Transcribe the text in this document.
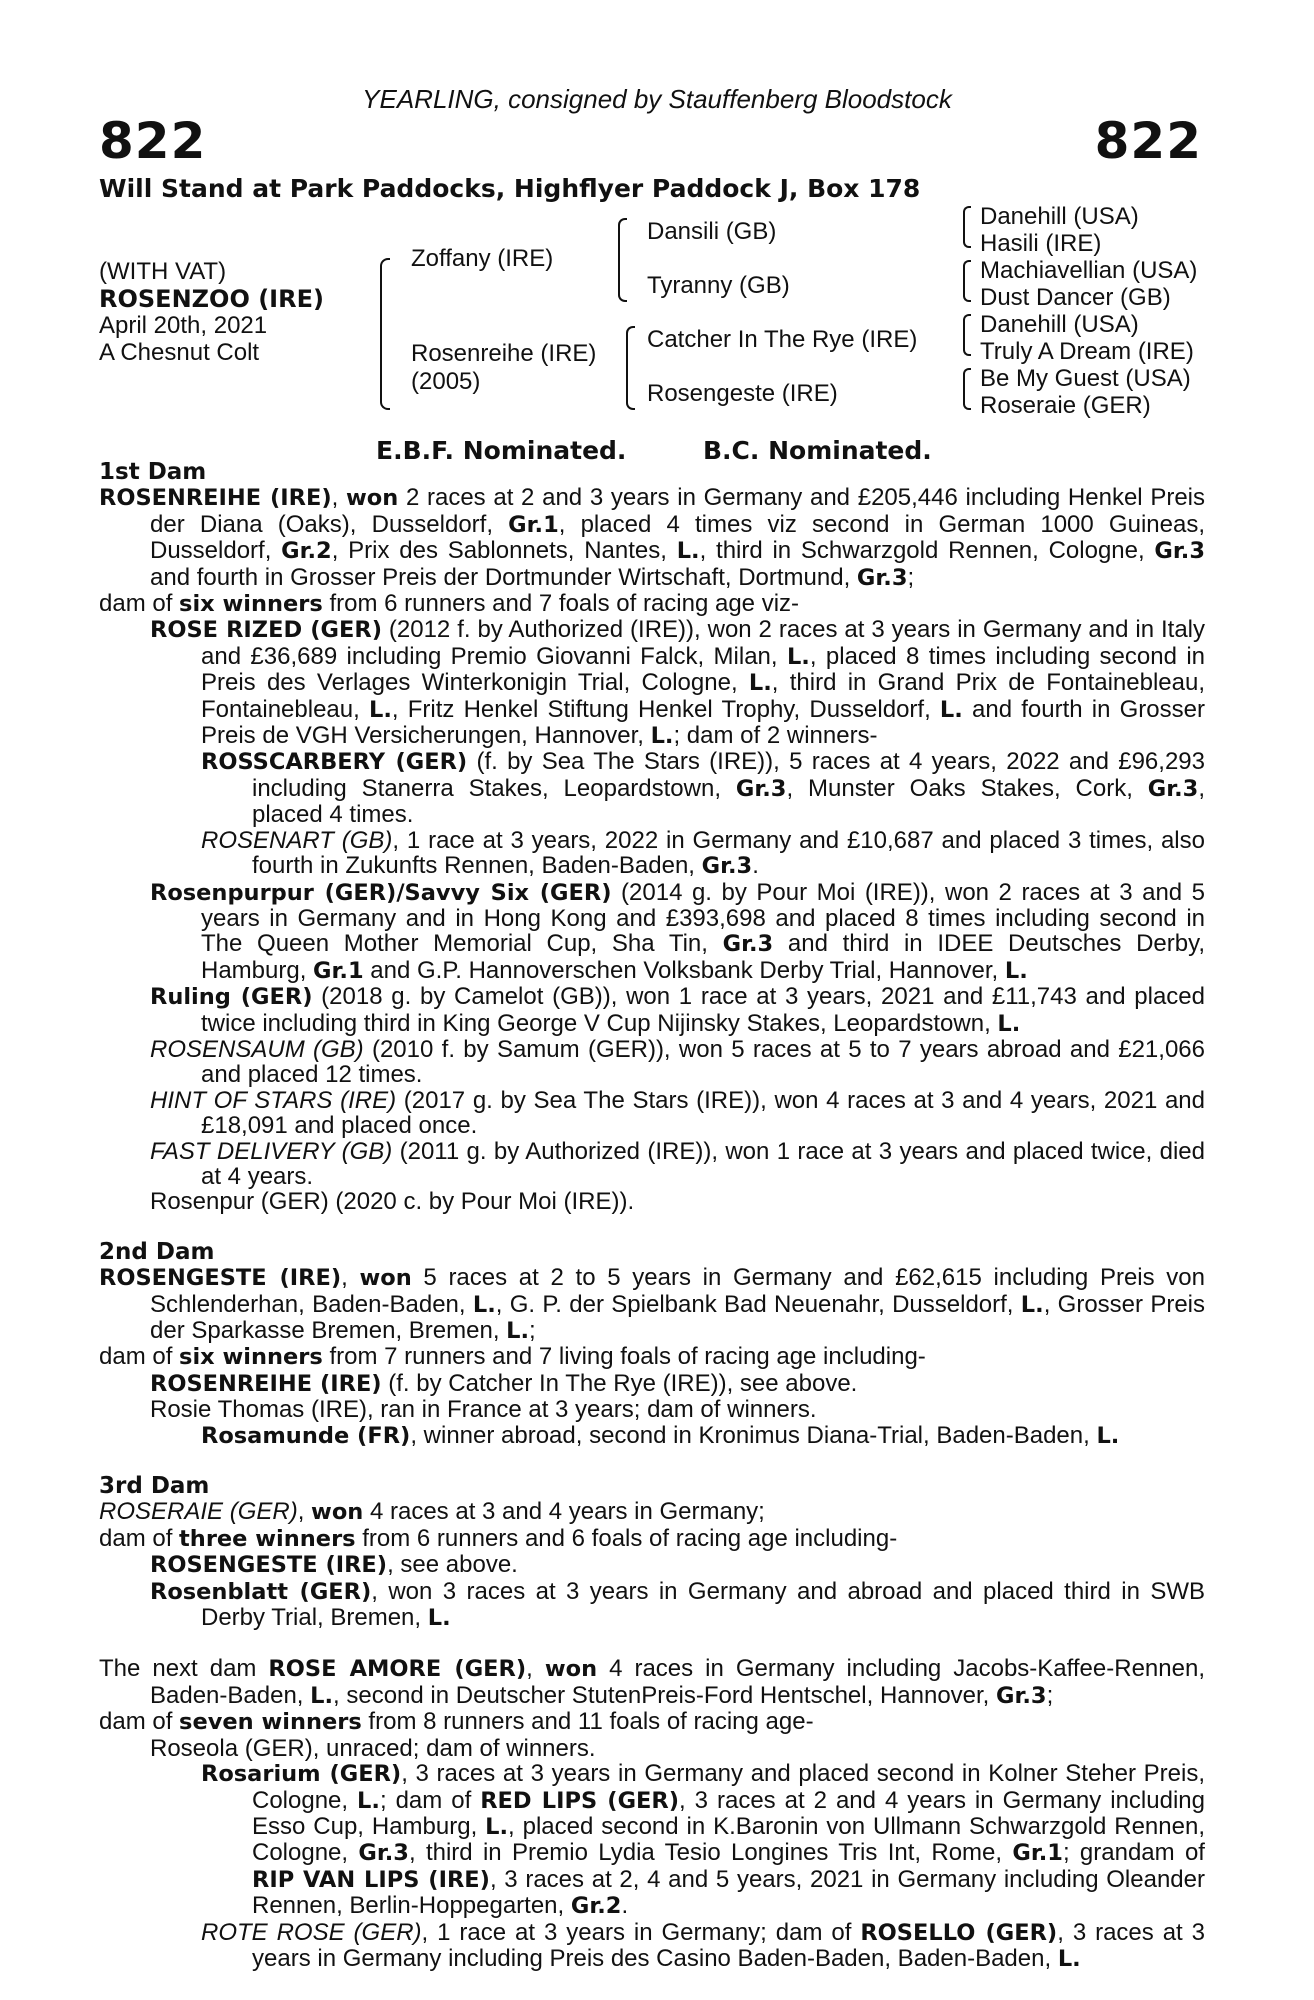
YEARLING, consigned by Stauffenberg Bloodstock
822	822
Will Stand at Park Paddocks, Highflyer Paddock J, Box 178
(WITH VAT)
ROSENZOO (IRE)
April 20th, 2021
A Chesnut Colt
Zoffany (IRE)
Rosenreihe (IRE)
(2005)
Dansili (GB)
Tyranny (GB)
Catcher In The Rye (IRE)
Rosengeste (IRE)
Danehill (USA)
Hasili (IRE)
Machiavellian (USA)
Dust Dancer (GB)
Danehill (USA)
Truly A Dream (IRE)
Be My Guest (USA)
Roseraie (GER)
E.B.F. Nominated.	B.C. Nominated.
1st Dam
ROSENREIHE (IRE), won 2 races at 2 and 3 years in Germany and £205,446 including Henkel Preis der Diana (Oaks), Dusseldorf, Gr.1, placed 4 times viz second in German 1000 Guineas, Dusseldorf, Gr.2, Prix des Sablonnets, Nantes, L., third in Schwarzgold Rennen, Cologne, Gr.3 and fourth in Grosser Preis der Dortmunder Wirtschaft, Dortmund, Gr.3;
dam of six winners from 6 runners and 7 foals of racing age viz-
ROSE RIZED (GER) (2012 f. by Authorized (IRE)), won 2 races at 3 years in Germany and in Italy and £36,689 including Premio Giovanni Falck, Milan, L., placed 8 times including second in Preis des Verlages Winterkonigin Trial, Cologne, L., third in Grand Prix de Fontainebleau, Fontainebleau, L., Fritz Henkel Stiftung Henkel Trophy, Dusseldorf, L. and fourth in Grosser Preis de VGH Versicherungen, Hannover, L.; dam of 2 winners-
ROSSCARBERY (GER) (f. by Sea The Stars (IRE)), 5 races at 4 years, 2022 and £96,293 including Stanerra Stakes, Leopardstown, Gr.3, Munster Oaks Stakes, Cork, Gr.3, placed 4 times.
ROSENART (GB), 1 race at 3 years, 2022 in Germany and £10,687 and placed 3 times, also fourth in Zukunfts Rennen, Baden-Baden, Gr.3.
Rosenpurpur (GER)/Savvy Six (GER) (2014 g. by Pour Moi (IRE)), won 2 races at 3 and 5 years in Germany and in Hong Kong and £393,698 and placed 8 times including second in The Queen Mother Memorial Cup, Sha Tin, Gr.3 and third in IDEE Deutsches Derby, Hamburg, Gr.1 and G.P. Hannoverschen Volksbank Derby Trial, Hannover, L.
Ruling (GER) (2018 g. by Camelot (GB)), won 1 race at 3 years, 2021 and £11,743 and placed twice including third in King George V Cup Nijinsky Stakes, Leopardstown, L.
ROSENSAUM (GB) (2010 f. by Samum (GER)), won 5 races at 5 to 7 years abroad and £21,066 and placed 12 times.
HINT OF STARS (IRE) (2017 g. by Sea The Stars (IRE)), won 4 races at 3 and 4 years, 2021 and £18,091 and placed once.
FAST DELIVERY (GB) (2011 g. by Authorized (IRE)), won 1 race at 3 years and placed twice, died at 4 years.
Rosenpur (GER) (2020 c. by Pour Moi (IRE)).
2nd Dam
ROSENGESTE (IRE), won 5 races at 2 to 5 years in Germany and £62,615 including Preis von Schlenderhan, Baden-Baden, L., G. P. der Spielbank Bad Neuenahr, Dusseldorf, L., Grosser Preis der Sparkasse Bremen, Bremen, L.;
dam of six winners from 7 runners and 7 living foals of racing age including-
ROSENREIHE (IRE) (f. by Catcher In The Rye (IRE)), see above.
Rosie Thomas (IRE), ran in France at 3 years; dam of winners.
Rosamunde (FR), winner abroad, second in Kronimus Diana-Trial, Baden-Baden, L.
3rd Dam
ROSERAIE (GER), won 4 races at 3 and 4 years in Germany;
dam of three winners from 6 runners and 6 foals of racing age including-
ROSENGESTE (IRE), see above.
Rosenblatt (GER), won 3 races at 3 years in Germany and abroad and placed third in SWB Derby Trial, Bremen, L.
The next dam ROSE AMORE (GER), won 4 races in Germany including Jacobs-Kaffee-Rennen, Baden-Baden, L., second in Deutscher StutenPreis-Ford Hentschel, Hannover, Gr.3;
dam of seven winners from 8 runners and 11 foals of racing age-
Roseola (GER), unraced; dam of winners.
Rosarium (GER), 3 races at 3 years in Germany and placed second in Kolner Steher Preis, Cologne, L.; dam of RED LIPS (GER), 3 races at 2 and 4 years in Germany including Esso Cup, Hamburg, L., placed second in K.Baronin von Ullmann Schwarzgold Rennen, Cologne, Gr.3, third in Premio Lydia Tesio Longines Tris Int, Rome, Gr.1; grandam of RIP VAN LIPS (IRE), 3 races at 2, 4 and 5 years, 2021 in Germany including Oleander Rennen, Berlin-Hoppegarten, Gr.2.
ROTE ROSE (GER), 1 race at 3 years in Germany; dam of ROSELLO (GER), 3 races at 3 years in Germany including Preis des Casino Baden-Baden, Baden-Baden, L.
